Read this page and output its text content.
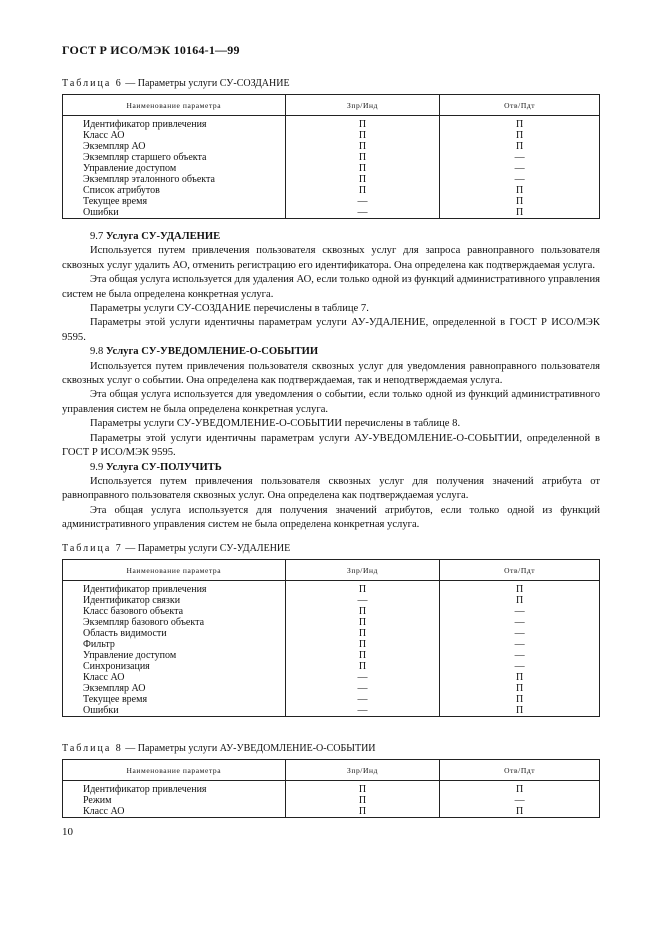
ГОСТ Р ИСО/МЭК 10164-1—99
Таблица 6 — Параметры услуги СУ-СОЗДАНИЕ
Наименование параметра	Зпр/Инд	Отв/Пдт
Идентификатор привлечения	П	П
Класс АО	П	П
Экземпляр АО	П	П
Экземпляр старшего объекта	П	—
Управление доступом	П	—
Экземпляр эталонного объекта	П	—
Список атрибутов	П	П
Текущее время	—	П
Ошибки	—	П

9.7 Услуга СУ-УДАЛЕНИЕ

Используется путем привлечения пользователя сквозных услуг для запроса равноправного пользователя сквозных услуг удалить АО, отменить регистрацию его идентификатора. Она определена как подтверждаемая услуга.

Эта общая услуга используется для удаления АО, если только одной из функций административного управления систем не была определена конкретная услуга.

Параметры услуги СУ-СОЗДАНИЕ перечислены в таблице 7.

Параметры этой услуги идентичны параметрам услуги АУ-УДАЛЕНИЕ, определенной в ГОСТ Р ИСО/МЭК 9595.

9.8 Услуга СУ-УВЕДОМЛЕНИЕ-О-СОБЫТИИ

Используется путем привлечения пользователя сквозных услуг для уведомления равноправного пользователя сквозных услуг о событии. Она определена как подтверждаемая, так и неподтверждаемая услуга.

Эта общая услуга используется для уведомления о событии, если только одной из функций административного управления систем не была определена конкретная услуга.

Параметры услуги СУ-УВЕДОМЛЕНИЕ-О-СОБЫТИИ перечислены в таблице 8.

Параметры этой услуги идентичны параметрам услуги АУ-УВЕДОМЛЕНИЕ-О-СОБЫТИИ, определенной в ГОСТ Р ИСО/МЭК 9595.

9.9 Услуга СУ-ПОЛУЧИТЬ

Используется путем привлечения пользователя сквозных услуг для получения значений атрибута от равноправного пользователя сквозных услуг. Она определена как подтверждаемая услуга.

Эта общая услуга используется для получения значений атрибутов, если только одной из функций административного управления систем не была определена конкретная услуга.

Таблица 7 — Параметры услуги СУ-УДАЛЕНИЕ
Наименование параметра	Зпр/Инд	Отв/Пдт
Идентификатор привлечения	П	П
Идентификатор связки	—	П
Класс базового объекта	П	—
Экземпляр базового объекта	П	—
Область видимости	П	—
Фильтр	П	—
Управление доступом	П	—
Синхронизация	П	—
Класс АО	—	П
Экземпляр АО	—	П
Текущее время	—	П
Ошибки	—	П
Таблица 8 — Параметры услуги АУ-УВЕДОМЛЕНИЕ-О-СОБЫТИИ
Наименование параметра	Зпр/Инд	Отв/Пдт
Идентификатор привлечения	П	П
Режим	П	—
Класс АО	П	П
10
